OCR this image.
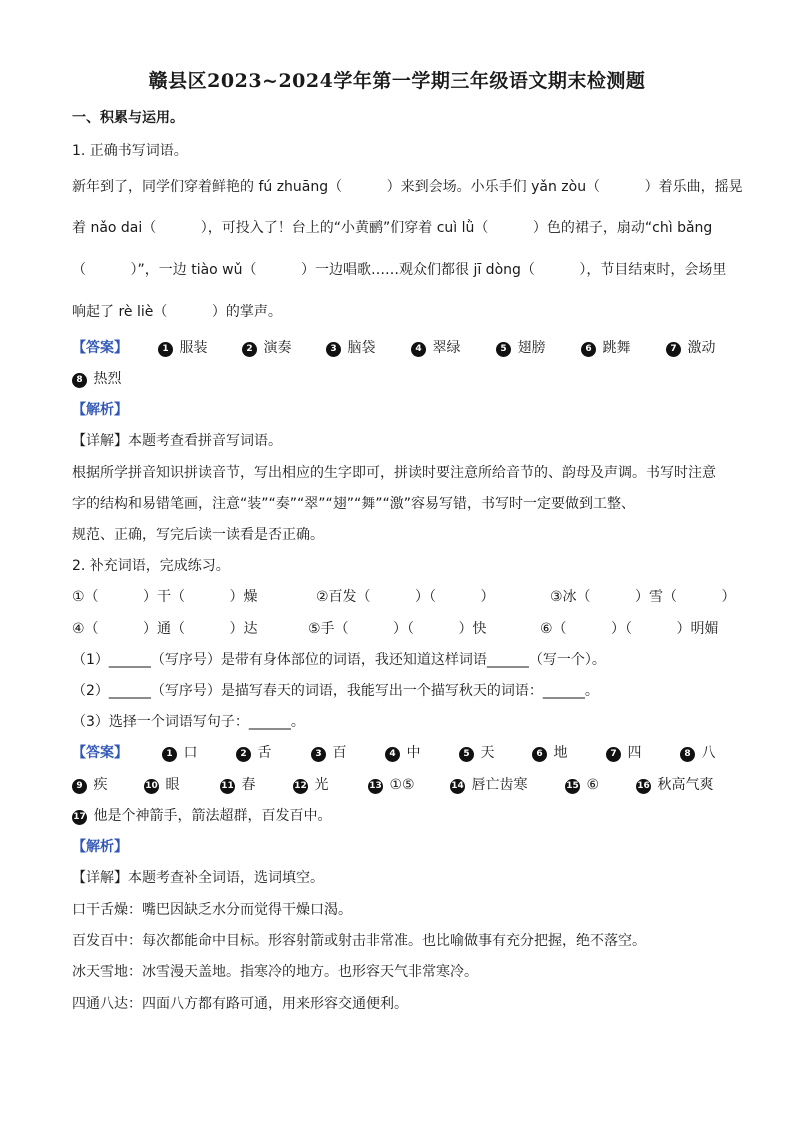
赣县区2023~2024学年第一学期三年级语文期末检测题
一、积累与运用。
1. 正确书写词语。
新年到了，同学们穿着鲜艳的 fú zhuāng（          ）来到会场。小乐手们 yǎn zòu（          ）着乐曲，摇晃
着 nǎo dai（          ），可投入了！台上的“小黄鹂”们穿着 cuì lǜ（          ）色的裙子，扇动“chì bǎng
（          ）”，一边 tiào wǔ（          ）一边唱歌……观众们都很 jī dòng（          ），节目结束时，会场里
响起了 rè liè（          ）的掌声。
【答案】	1 服装	2 演奏	3 脑袋	4 翠绿	5 翅膀	6 跳舞	7 激动
8 热烈
【解析】
【详解】本题考查看拼音写词语。
根据所学拼音知识拼读音节，写出相应的生字即可，拼读时要注意所给音节的、韵母及声调。书写时注意
字的结构和易错笔画，注意“装”“奏”“翠”“翅”“舞”“激”容易写错，书写时一定要做到工整、
规范、正确，写完后读一读看是否正确。
2. 补充词语，完成练习。
①（          ）干（          ）燥	②百发（          ）（          ）	③冰（          ）雪（          ）
④（          ）通（          ）达	⑤手（          ）（          ）快	⑥（          ）（          ）明媚
（1）______（写序号）是带有身体部位的词语，我还知道这样词语______（写一个）。
（2）______（写序号）是描写春天的词语，我能写出一个描写秋天的词语：______。
（3）选择一个词语写句子：______。
【答案】	1 口	2 舌	3 百	4 中	5 天	6 地	7 四	8 八
9 疾	10 眼	11 春	12 光	13 ①⑤	14 唇亡齿寒	15 ⑥	16 秋高气爽
17 他是个神箭手，箭法超群，百发百中。
【解析】
【详解】本题考查补全词语，选词填空。
口干舌燥：嘴巴因缺乏水分而觉得干燥口渴。
百发百中：每次都能命中目标。形容射箭或射击非常准。也比喻做事有充分把握，绝不落空。
冰天雪地：冰雪漫天盖地。指寒冷的地方。也形容天气非常寒冷。
四通八达：四面八方都有路可通，用来形容交通便利。
